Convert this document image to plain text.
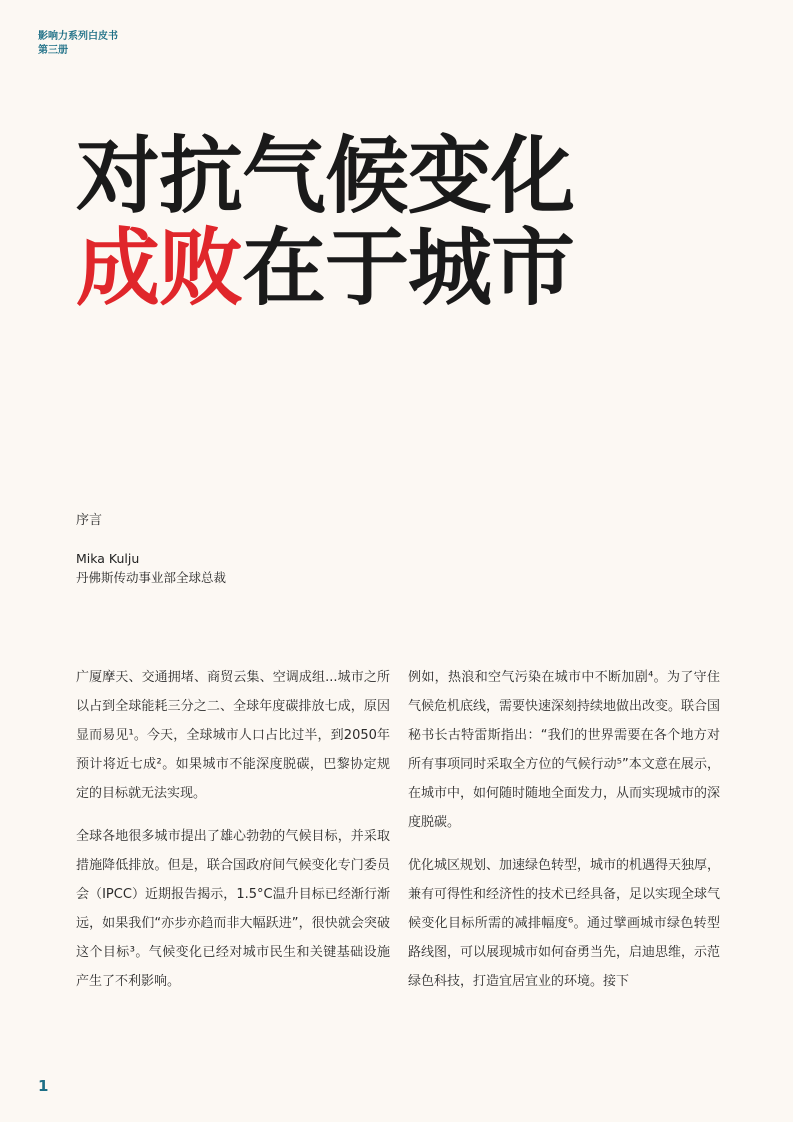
影响力系列白皮书
第三册
对抗气候变化
成败在于城市
序言
Mika Kulju
丹佛斯传动事业部全球总裁

广厦摩天、交通拥堵、商贸云集、空调成组...城市之所以占到全球能耗三分之二、全球年度碳排放七成，原因显而易见¹。今天，全球城市人口占比过半，到2050年预计将近七成²。如果城市不能深度脱碳，巴黎协定规定的目标就无法实现。

全球各地很多城市提出了雄心勃勃的气候目标，并采取措施降低排放。但是，联合国政府间气候变化专门委员会（IPCC）近期报告揭示，1.5°C温升目标已经渐行渐远，如果我们“亦步亦趋而非大幅跃进”，很快就会突破这个目标³。气候变化已经对城市民生和关键基础设施产生了不利影响。

例如，热浪和空气污染在城市中不断加剧⁴。为了守住气候危机底线，需要快速深刻持续地做出改变。联合国秘书长古特雷斯指出：“我们的世界需要在各个地方对所有事项同时采取全方位的气候行动⁵”本文意在展示，在城市中，如何随时随地全面发力，从而实现城市的深度脱碳。

优化城区规划、加速绿色转型，城市的机遇得天独厚，兼有可得性和经济性的技术已经具备，足以实现全球气候变化目标所需的减排幅度⁶。通过擘画城市绿色转型路线图，可以展现城市如何奋勇当先，启迪思维，示范绿色科技，打造宜居宜业的环境。接下

1
